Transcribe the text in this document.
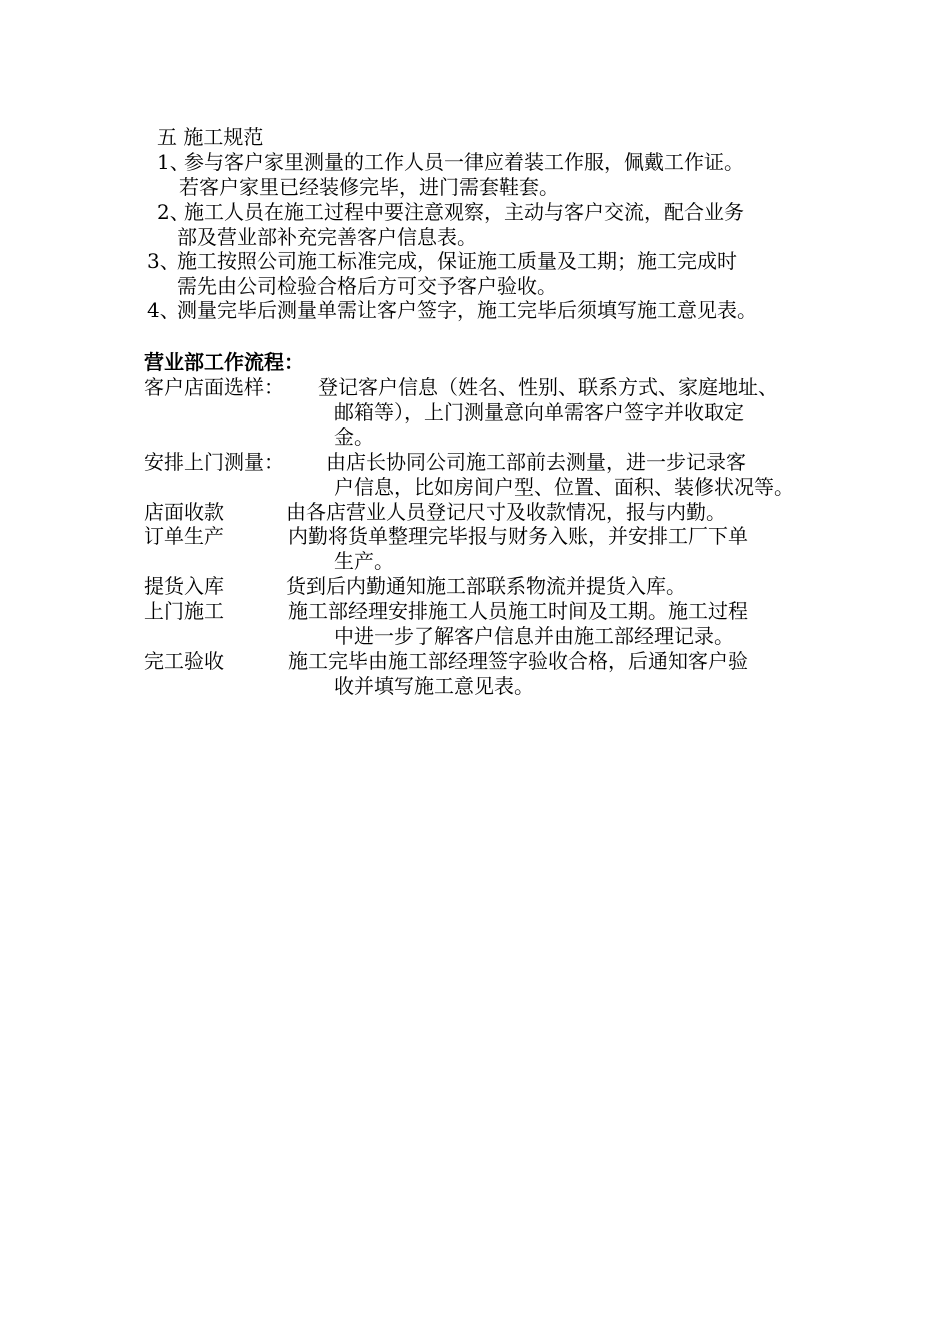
五 施工规范
1、
参与客户家里测量的工作人员一律应着装工作服，佩戴工作证。
若客户家里已经装修完毕，进门需套鞋套。
2、
施工人员在施工过程中要注意观察，主动与客户交流，配合业务
部及营业部补充完善客户信息表。
3、
施工按照公司施工标准完成，保证施工质量及工期；施工完成时
需先由公司检验合格后方可交予客户验收。
4、
测量完毕后测量单需让客户签字，施工完毕后须填写施工意见表。
营业部工作流程：
客户店面选样： 登记客户信息（姓名、性别、联系方式、家庭地址、
邮箱等），上门测量意向单需客户签字并收取定
金。
安排上门测量： 由店长协同公司施工部前去测量，进一步记录客
户信息，比如房间户型、位置、面积、装修状况等。
店面收款	由各店营业人员登记尺寸及收款情况，报与内勤。
订单生产	内勤将货单整理完毕报与财务入账，并安排工厂下单
生产。
提货入库	货到后内勤通知施工部联系物流并提货入库。
上门施工	施工部经理安排施工人员施工时间及工期。施工过程
中进一步了解客户信息并由施工部经理记录。
完工验收	施工完毕由施工部经理签字验收合格，后通知客户验
收并填写施工意见表。
